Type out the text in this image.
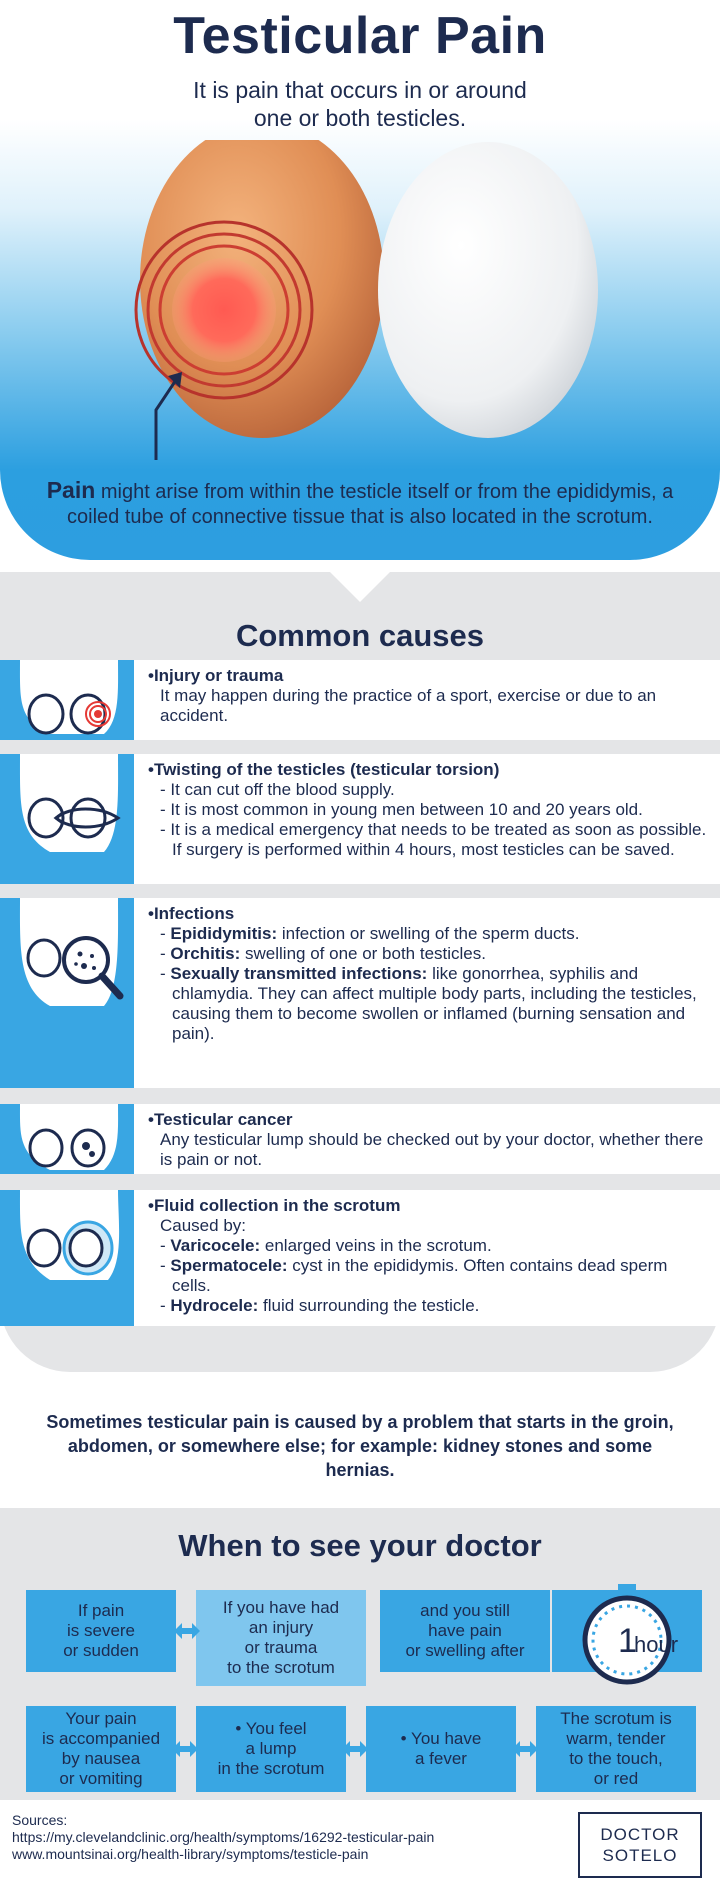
Testicular Pain
It is pain that occurs in or around
one or both testicles.
Pain might arise from within the testicle itself or from the epididymis, a coiled tube of connective tissue that is also located in the scrotum.
Common causes
• Injury or trauma
It may happen during the practice of a sport, exercise or due to an accident.
• Twisting of the testicles (testicular torsion)
- It can cut off the blood supply.
- It is most common in young men between 10 and 20 years old.
- It is a medical emergency that needs to be treated as soon as possible. If surgery is performed within 4 hours, most testicles can be saved.
• Infections
- Epididymitis: infection or swelling of the sperm ducts.
- Orchitis: swelling of one or both testicles.
- Sexually transmitted infections: like gonorrhea, syphilis and chlamydia. They can affect multiple body parts, including the testicles, causing them to become swollen or inflamed (burning sensation and pain).
• Testicular cancer
Any testicular lump should be checked out by your doctor, whether there is pain or not.
• Fluid collection in the scrotum
Caused by:
- Varicocele: enlarged veins in the scrotum.
- Spermatocele: cyst in the epididymis. Often contains dead sperm cells.
- Hydrocele: fluid surrounding the testicle.
Sometimes testicular pain is caused by a problem that starts in the groin, abdomen, or somewhere else; for example: kidney stones and some hernias.
When to see your doctor
If pain
is severe
or sudden
If you have had
an injury
or trauma
to the scrotum
and you still
have pain
or swelling after	1
hour
Your pain
is accompanied
by nausea
or vomiting
• You feel
a lump
in the scrotum
• You have
a fever
The scrotum is
warm, tender
to the touch,
or red
Sources:
https://my.clevelandclinic.org/health/symptoms/16292-testicular-pain
www.mountsinai.org/health-library/symptoms/testicle-pain
DOCTOR
SOTELO
